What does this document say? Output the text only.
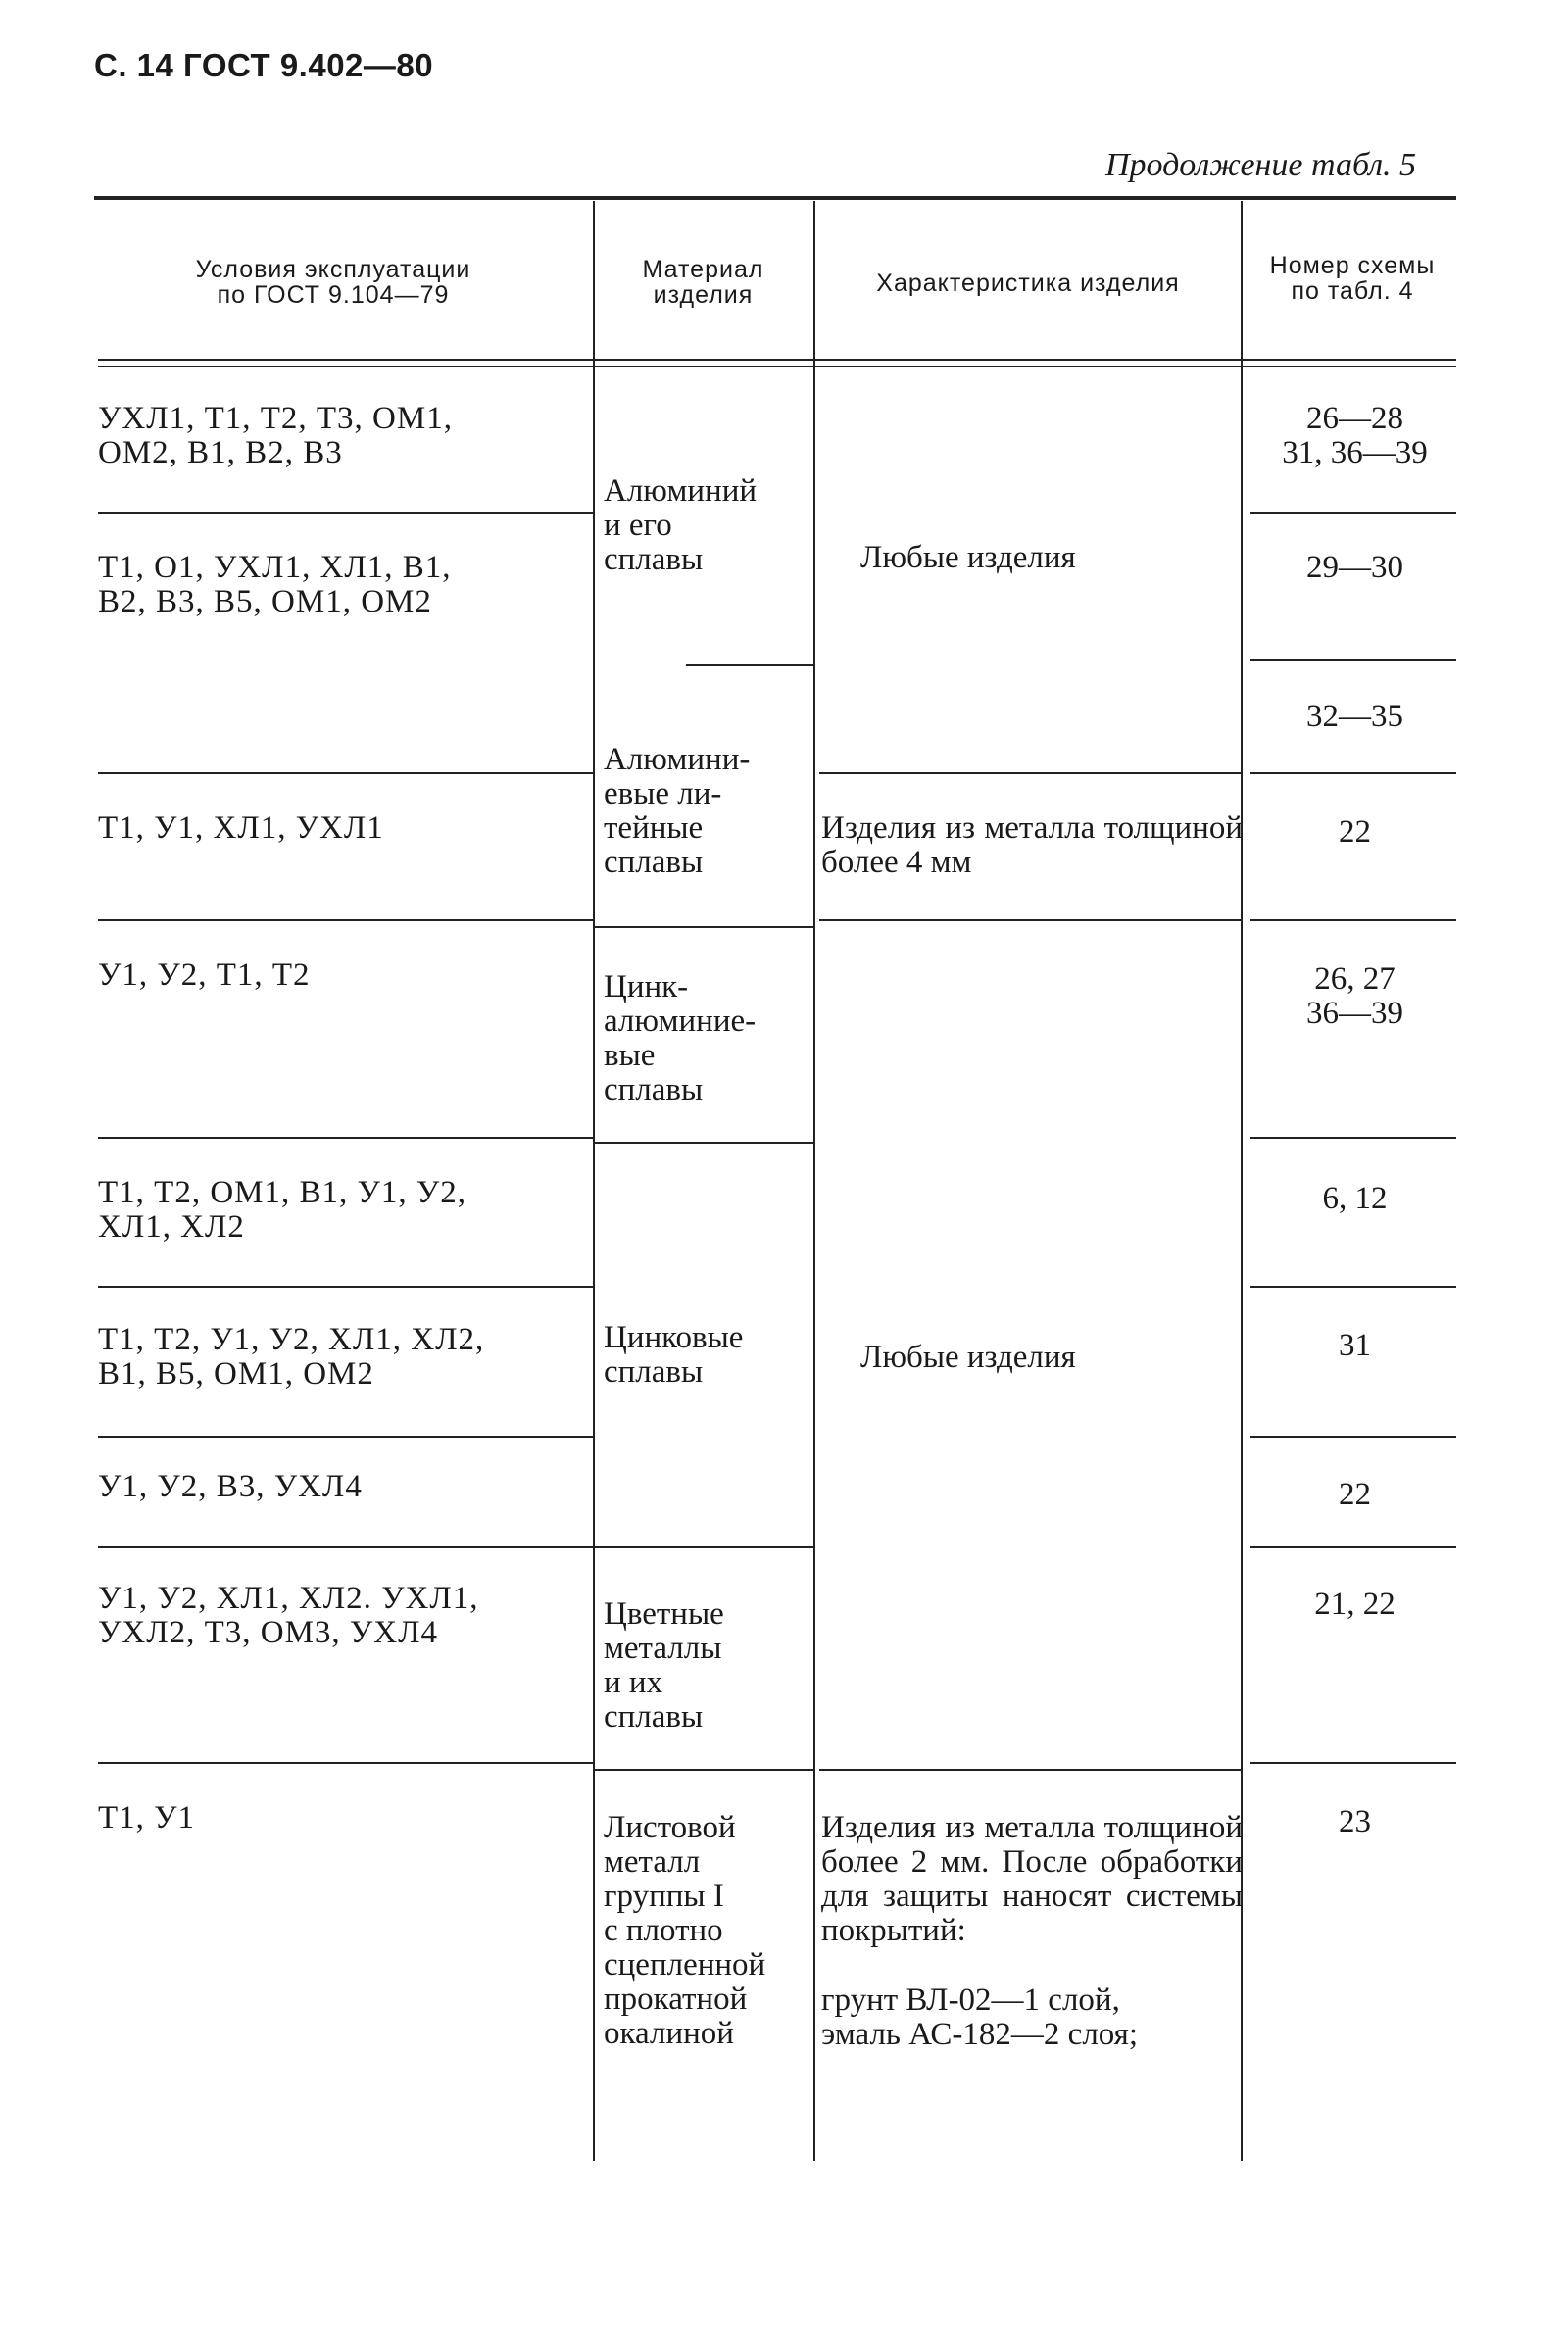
С. 14 ГОСТ 9.402—80
Продолжение табл. 5
Условия эксплуатации
по ГОСТ 9.104—79
Материал
изделия	Характеристика изделия
Номер схемы
по табл. 4
УХЛ1, Т1, Т2, Т3, ОМ1,
ОМ2, В1, В2, В3
Т1, О1, УХЛ1, ХЛ1, В1,
В2, В3, В5, ОМ1, ОМ2
Т1, У1, ХЛ1, УХЛ1
У1, У2, Т1, Т2
Т1, Т2, ОМ1, В1, У1, У2,
ХЛ1, ХЛ2
Т1, Т2, У1, У2, ХЛ1, ХЛ2,
В1, В5, ОМ1, ОМ2
У1, У2, В3, УХЛ4
У1, У2, ХЛ1, ХЛ2. УХЛ1,
УХЛ2, Т3, ОМ3, УХЛ4
Т1, У1
Алюминий
и его
сплавы
Алюмини-
евые ли-
тейные
сплавы
Цинк-
алюминие-
вые
сплавы
Цинковые
сплавы
Цветные
металлы
и их
сплавы
Листовой
металл
группы I
с плотно
сцепленной
прокатной
окалиной
Любые изделия
Изделия из металла толщиной более 4 мм
Любые изделия
Изделия из металла толщиной более 2 мм. После обработки для защиты наносят системы покрытий:
грунт ВЛ-02—1 слой,
эмаль АС-182—2 слоя;
26—28
31, 36—39
29—30
32—35
22
26, 27
36—39
6, 12
31
22
21, 22
23
